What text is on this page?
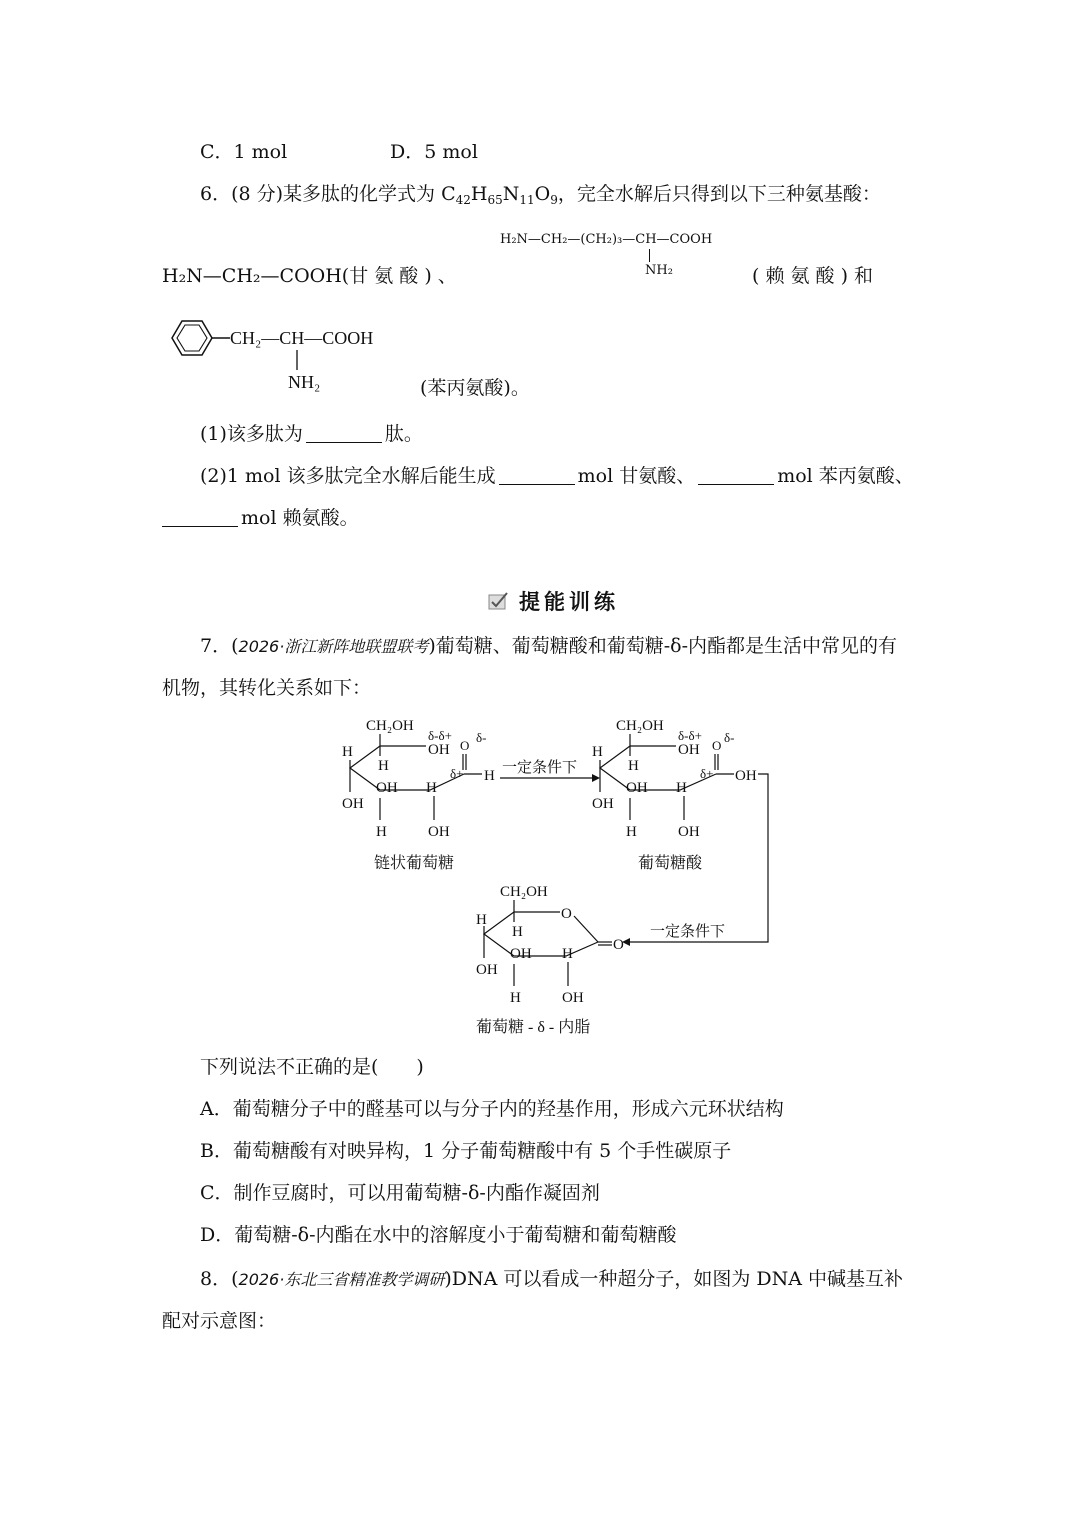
C．1 mol	D．5 mol
6．(8 分)某多肽的化学式为 $C_{42}H_{65}N_{11}O_9$，完全水解后只得到以下三种氨基酸：
H₂N—CH₂—(CH₂)₃—CH—COOH
NH₂
H₂N—CH₂—COOH(甘 氨 酸 ) 、	( 赖 氨 酸 ) 和
CH₂—CH—COOH
NH₂	(苯丙氨酸)。
(1)该多肽为	肽。
(2)1 mol 该多肽完全水解后能生成	mol 甘氨酸、	mol 苯丙氨酸、
mol 赖氨酸。
提能训练
7．(2026·浙江新阵地联盟联考)葡萄糖、葡萄糖酸和葡萄糖-δ-内酯都是生活中常见的有
机物，其转化关系如下：
CH₂OH
δ-δ+
OH
δ-
O
δ+ H
H
H
OH
OH H
H	OH
链状葡萄糖
一定条件下
CH₂OH
δ-δ+
OH
δ-
O
δ+ OH
H
H
OH
OH H
H	OH
葡萄糖酸
一定条件下
CH₂OH
O
O
H
H
OH
OH H
H	OH
葡萄糖 - δ - 内脂
下列说法不正确的是(　　)
A．葡萄糖分子中的醛基可以与分子内的羟基作用，形成六元环状结构
B．葡萄糖酸有对映异构，1 分子葡萄糖酸中有 5 个手性碳原子
C．制作豆腐时，可以用葡萄糖-δ-内酯作凝固剂
D．葡萄糖-δ-内酯在水中的溶解度小于葡萄糖和葡萄糖酸
8．(2026·东北三省精准教学调研)DNA 可以看成一种超分子，如图为 DNA 中碱基互补
配对示意图：
